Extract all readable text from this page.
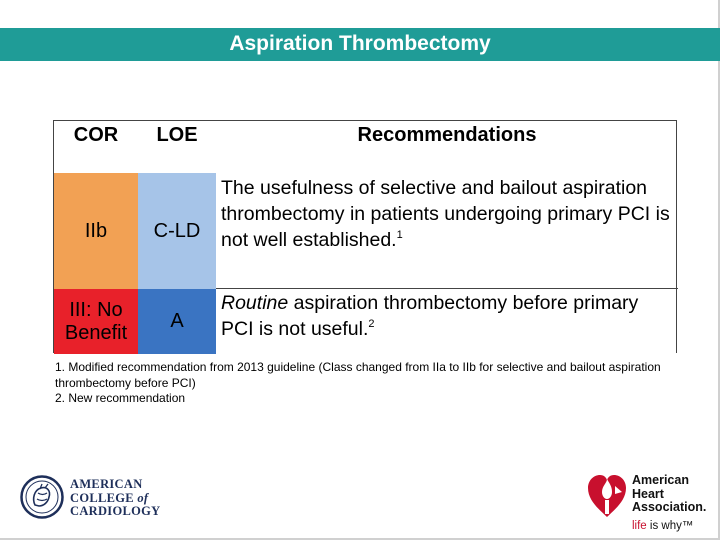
Aspiration Thrombectomy
COR	LOE	Recommendations
IIb C-LD
The usefulness of selective and bailout aspiration thrombectomy in patients undergoing primary PCI is not well established.$^1$
III: No
Benefit
A
Routine aspiration thrombectomy before primary PCI is not useful.$^2$
1. Modified recommendation from 2013 guideline (Class changed from IIa to IIb for selective and bailout aspiration thrombectomy before PCI)
2. New recommendation
AMERICAN
COLLEGE of
CARDIOLOGY
American
Heart
Association.
life is why™
